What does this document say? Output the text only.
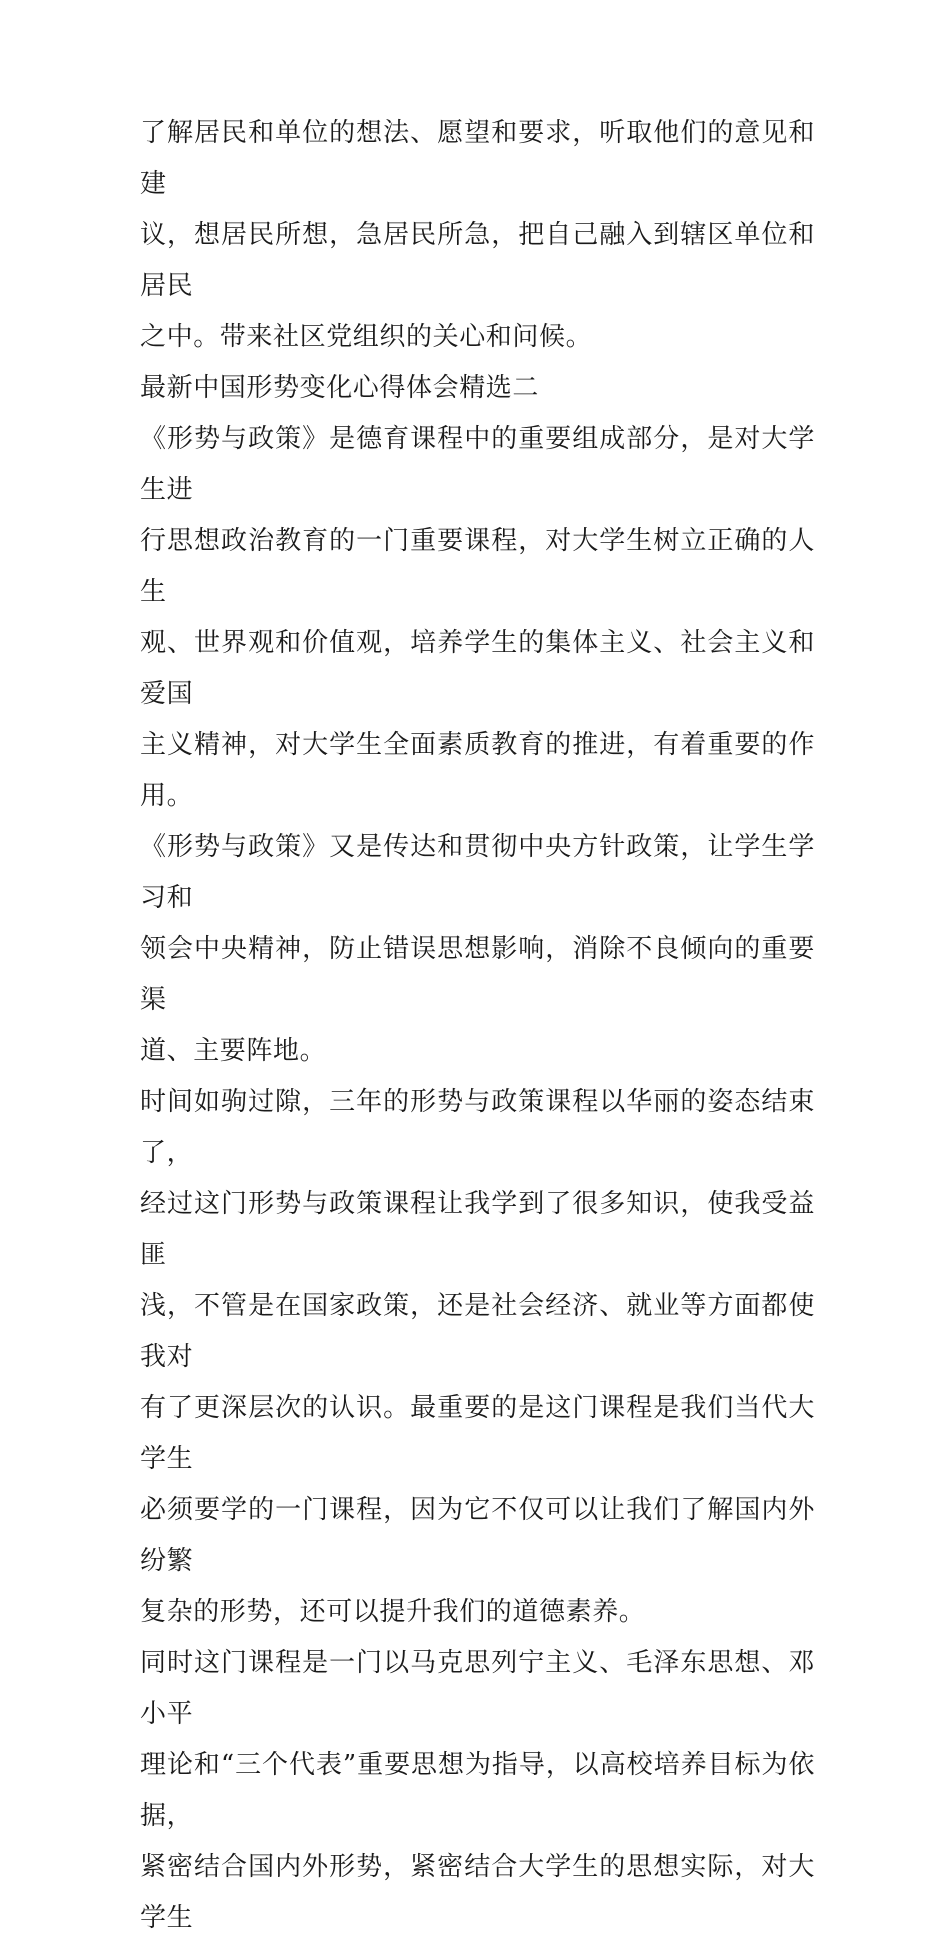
了解居民和单位的想法、愿望和要求，听取他们的意见和建
议，想居民所想，急居民所急，把自己融入到辖区单位和居民
之中。带来社区党组织的关心和问候。

最新中国形势变化心得体会精选二

《形势与政策》是德育课程中的重要组成部分，是对大学生进
行思想政治教育的一门重要课程，对大学生树立正确的人生
观、世界观和价值观，培养学生的集体主义、社会主义和爱国
主义精神，对大学生全面素质教育的推进，有着重要的作用。
《形势与政策》又是传达和贯彻中央方针政策，让学生学习和
领会中央精神，防止错误思想影响，消除不良倾向的重要渠
道、主要阵地。

时间如驹过隙，三年的形势与政策课程以华丽的姿态结束了，
经过这门形势与政策课程让我学到了很多知识，使我受益匪
浅，不管是在国家政策，还是社会经济、就业等方面都使我对
有了更深层次的认识。最重要的是这门课程是我们当代大学生
必须要学的一门课程，因为它不仅可以让我们了解国内外纷繁
复杂的形势，还可以提升我们的道德素养。

同时这门课程是一门以马克思列宁主义、毛泽东思想、邓小平
理论和“三个代表”重要思想为指导，以高校培养目标为依据，
紧密结合国内外形势，紧密结合大学生的思想实际，对大学生
